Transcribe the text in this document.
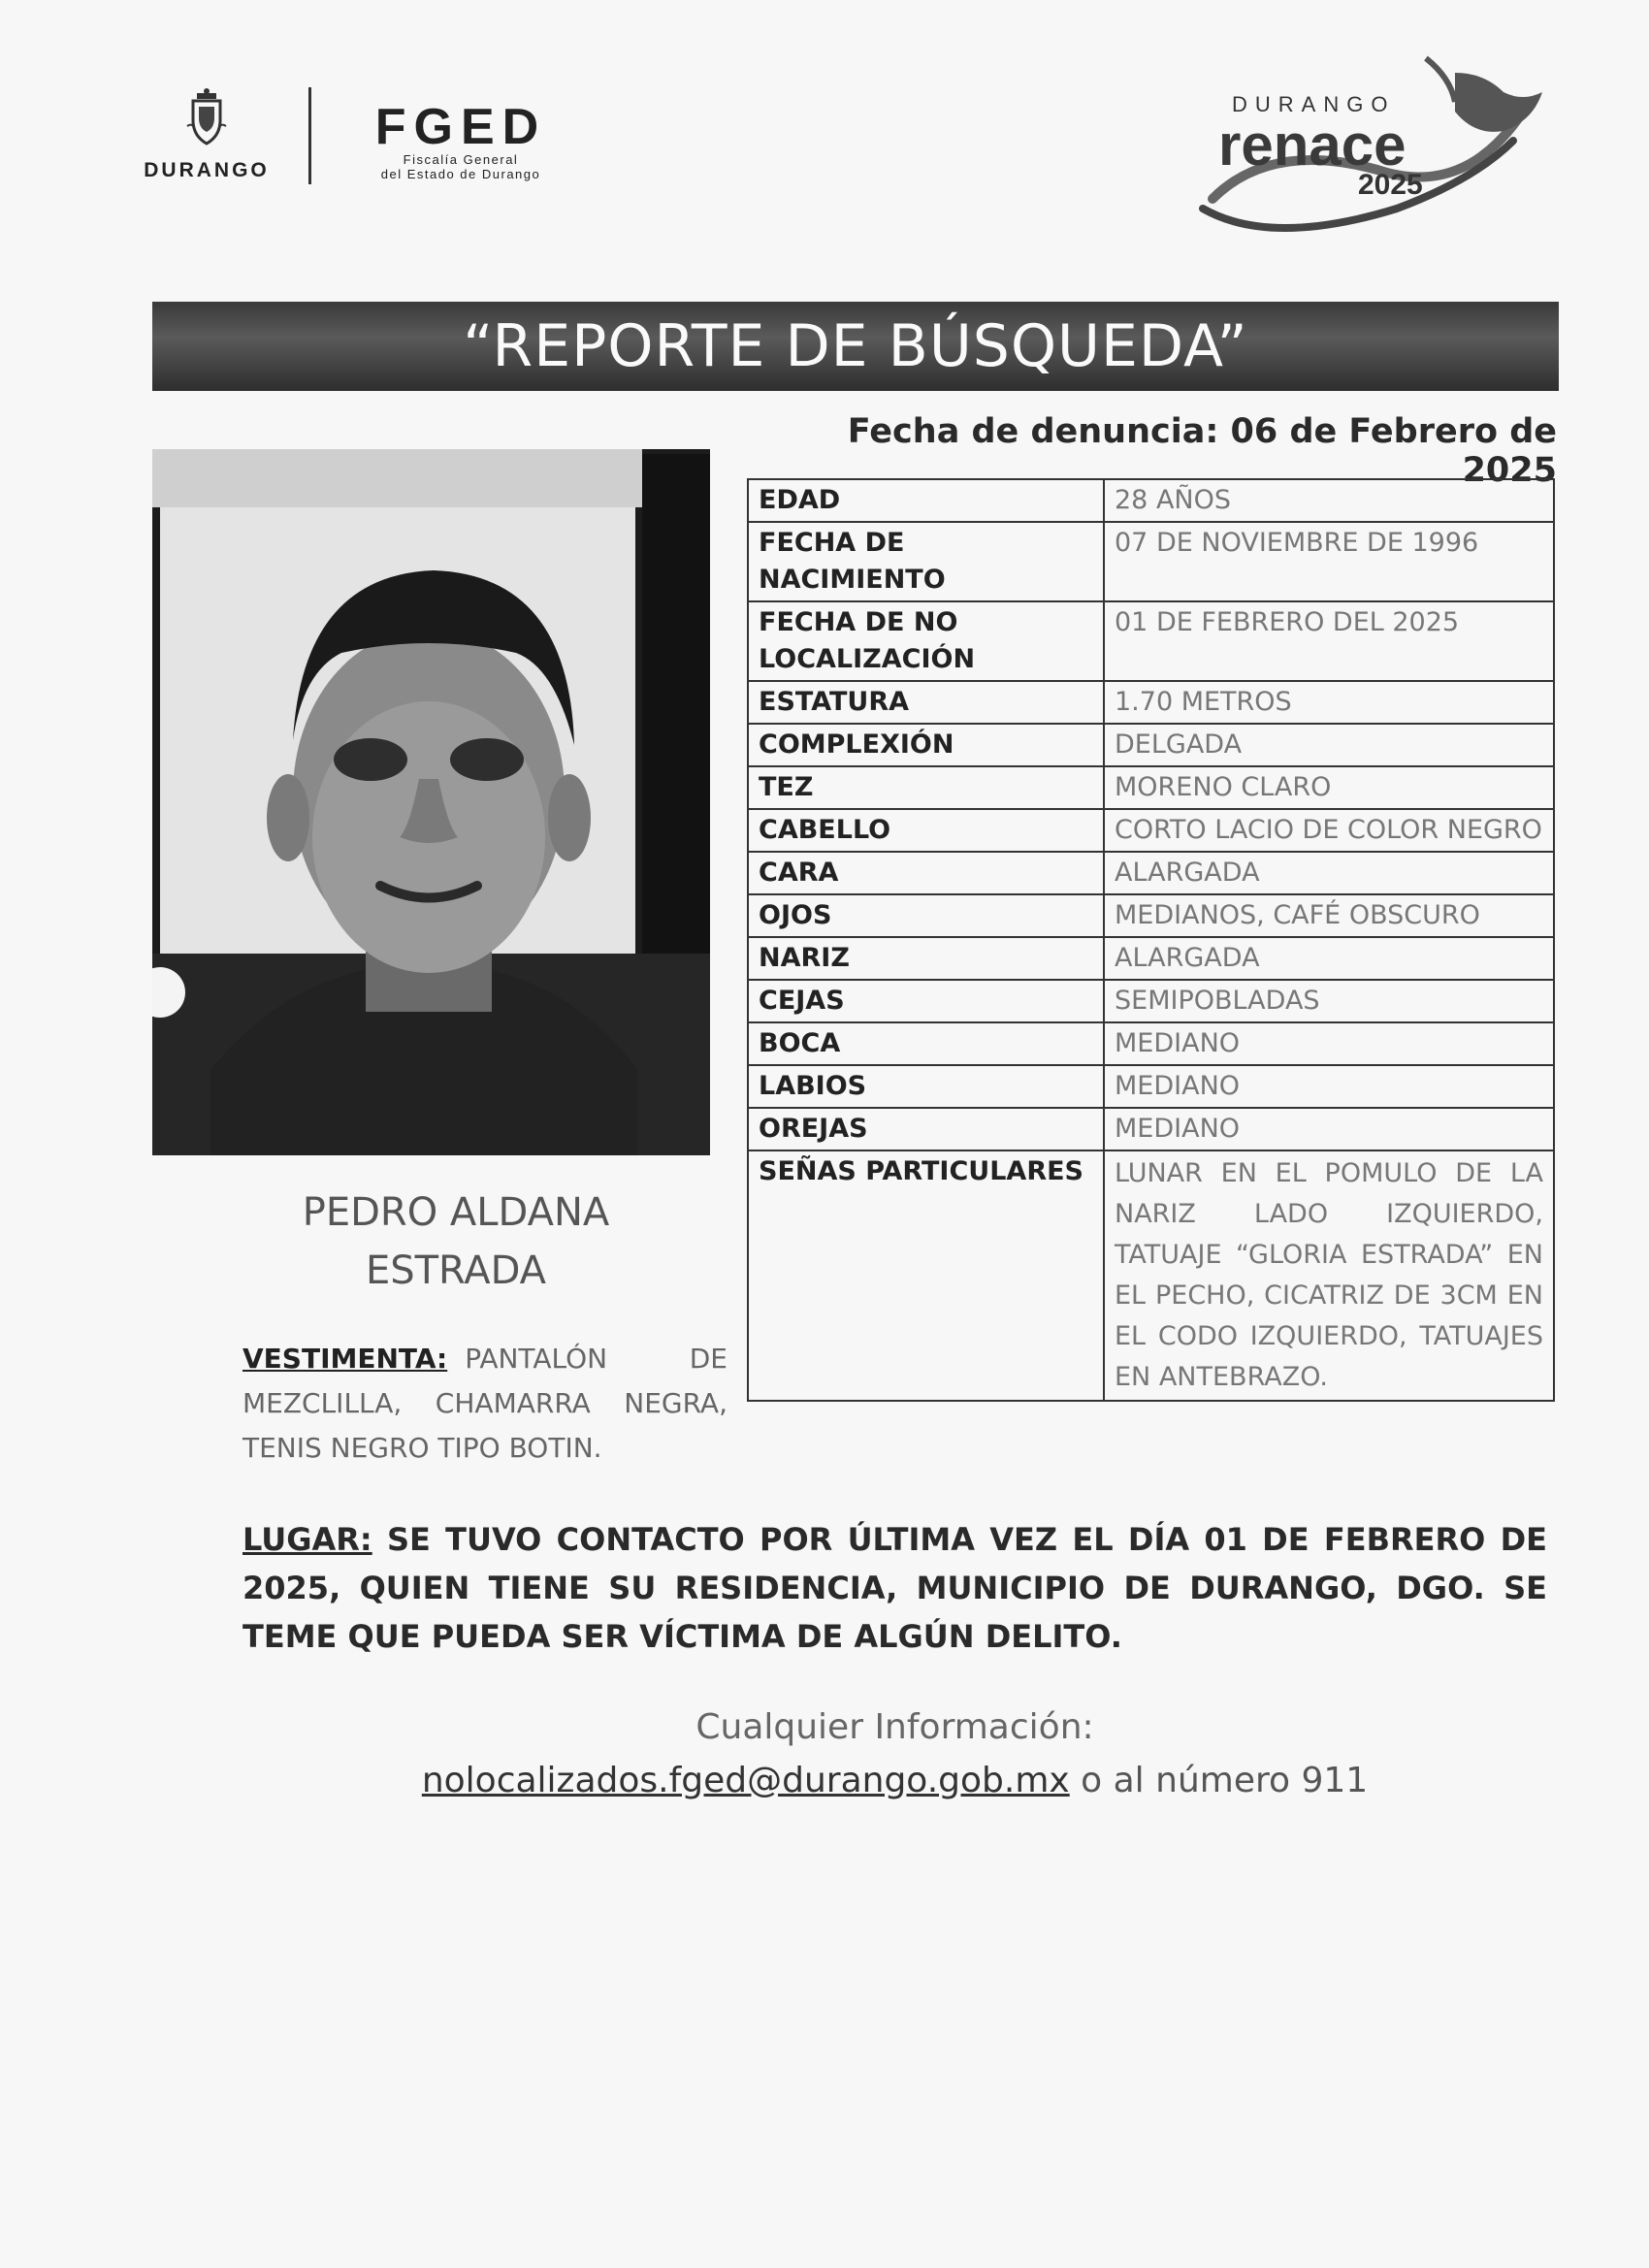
DURANGO
FGED
Fiscalía General
del Estado de Durango
DURANGO
renace
2025
“REPORTE DE BÚSQUEDA”
Fecha de denuncia: 06 de Febrero de 2025
PEDRO ALDANA
ESTRADA
VESTIMENTA: PANTALÓN DE MEZCLILLA, CHAMARRA NEGRA, TENIS NEGRO TIPO BOTIN.
EDAD	28 AÑOS
FECHA DE NACIMIENTO	07 DE NOVIEMBRE DE 1996
FECHA DE NO LOCALIZACIÓN	01 DE FEBRERO DEL 2025
ESTATURA	1.70 METROS
COMPLEXIÓN	DELGADA
TEZ	MORENO CLARO
CABELLO	CORTO LACIO DE COLOR NEGRO
CARA	ALARGADA
OJOS	MEDIANOS, CAFÉ OBSCURO
NARIZ	ALARGADA
CEJAS	SEMIPOBLADAS
BOCA	MEDIANO
LABIOS	MEDIANO
OREJAS	MEDIANO
SEÑAS PARTICULARES	LUNAR EN EL POMULO DE LA NARIZ LADO IZQUIERDO, TATUAJE “GLORIA ESTRADA” EN EL PECHO, CICATRIZ DE 3CM EN EL CODO IZQUIERDO, TATUAJES EN ANTEBRAZO.
LUGAR: SE TUVO CONTACTO POR ÚLTIMA VEZ EL DÍA 01 DE FEBRERO DE 2025, QUIEN TIENE SU RESIDENCIA, MUNICIPIO DE DURANGO, DGO. SE TEME QUE PUEDA SER VÍCTIMA DE ALGÚN DELITO.
Cualquier Información:
nolocalizados.fged@durango.gob.mx o al número 911
